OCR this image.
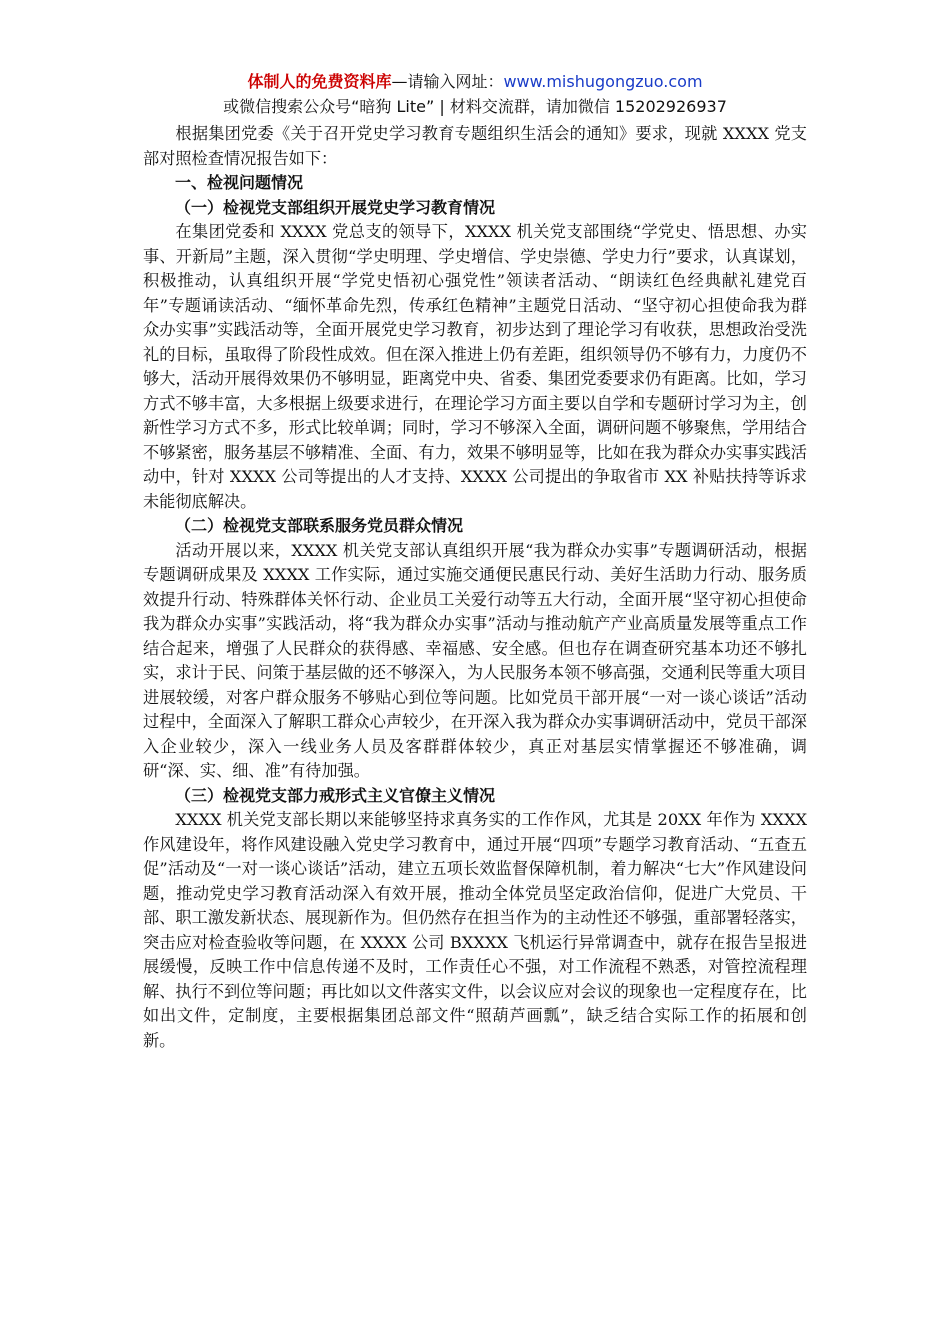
体制人的免费资料库—请输入网址：www.mishugongzuo.com
或微信搜索公众号“暗狗 Lite” | 材料交流群，请加微信 15202926937

根据集团党委《关于召开党史学习教育专题组织生活会的通知》要求，现就 XXXX 党支部对照检查情况报告如下：

一、检视问题情况

（一）检视党支部组织开展党史学习教育情况

在集团党委和 XXXX 党总支的领导下，XXXX 机关党支部围绕“学党史、悟思想、办实事、开新局”主题，深入贯彻“学史明理、学史增信、学史崇德、学史力行”要求，认真谋划，积极推动，认真组织开展“学党史悟初心强党性”领读者活动、“朗读红色经典献礼建党百年”专题诵读活动、“缅怀革命先烈，传承红色精神”主题党日活动、“坚守初心担使命我为群众办实事”实践活动等，全面开展党史学习教育，初步达到了理论学习有收获，思想政治受洗礼的目标，虽取得了阶段性成效。但在深入推进上仍有差距，组织领导仍不够有力，力度仍不够大，活动开展得效果仍不够明显，距离党中央、省委、集团党委要求仍有距离。比如，学习方式不够丰富，大多根据上级要求进行，在理论学习方面主要以自学和专题研讨学习为主，创新性学习方式不多，形式比较单调；同时，学习不够深入全面，调研问题不够聚焦，学用结合不够紧密，服务基层不够精准、全面、有力，效果不够明显等，比如在我为群众办实事实践活动中，针对 XXXX 公司等提出的人才支持、XXXX 公司提出的争取省市 XX 补贴扶持等诉求未能彻底解决。

（二）检视党支部联系服务党员群众情况

活动开展以来，XXXX 机关党支部认真组织开展“我为群众办实事”专题调研活动，根据专题调研成果及 XXXX 工作实际，通过实施交通便民惠民行动、美好生活助力行动、服务质效提升行动、特殊群体关怀行动、企业员工关爱行动等五大行动，全面开展“坚守初心担使命我为群众办实事”实践活动，将“我为群众办实事”活动与推动航产产业高质量发展等重点工作结合起来，增强了人民群众的获得感、幸福感、安全感。但也存在调查研究基本功还不够扎实，求计于民、问策于基层做的还不够深入，为人民服务本领不够高强，交通利民等重大项目进展较缓，对客户群众服务不够贴心到位等问题。比如党员干部开展“一对一谈心谈话”活动过程中，全面深入了解职工群众心声较少，在开深入我为群众办实事调研活动中，党员干部深入企业较少，深入一线业务人员及客群群体较少，真正对基层实情掌握还不够准确，调研“深、实、细、准”有待加强。

（三）检视党支部力戒形式主义官僚主义情况

XXXX 机关党支部长期以来能够坚持求真务实的工作作风，尤其是 20XX 年作为 XXXX 作风建设年，将作风建设融入党史学习教育中，通过开展“四项”专题学习教育活动、“五查五促”活动及“一对一谈心谈话”活动，建立五项长效监督保障机制，着力解决“七大”作风建设问题，推动党史学习教育活动深入有效开展，推动全体党员坚定政治信仰，促进广大党员、干部、职工激发新状态、展现新作为。但仍然存在担当作为的主动性还不够强，重部署轻落实，突击应对检查验收等问题，在 XXXX 公司 BXXXX 飞机运行异常调查中，就存在报告呈报进展缓慢，反映工作中信息传递不及时，工作责任心不强，对工作流程不熟悉，对管控流程理解、执行不到位等问题；再比如以文件落实文件，以会议应对会议的现象也一定程度存在，比如出文件，定制度，主要根据集团总部文件“照葫芦画瓢”，缺乏结合实际工作的拓展和创新。
